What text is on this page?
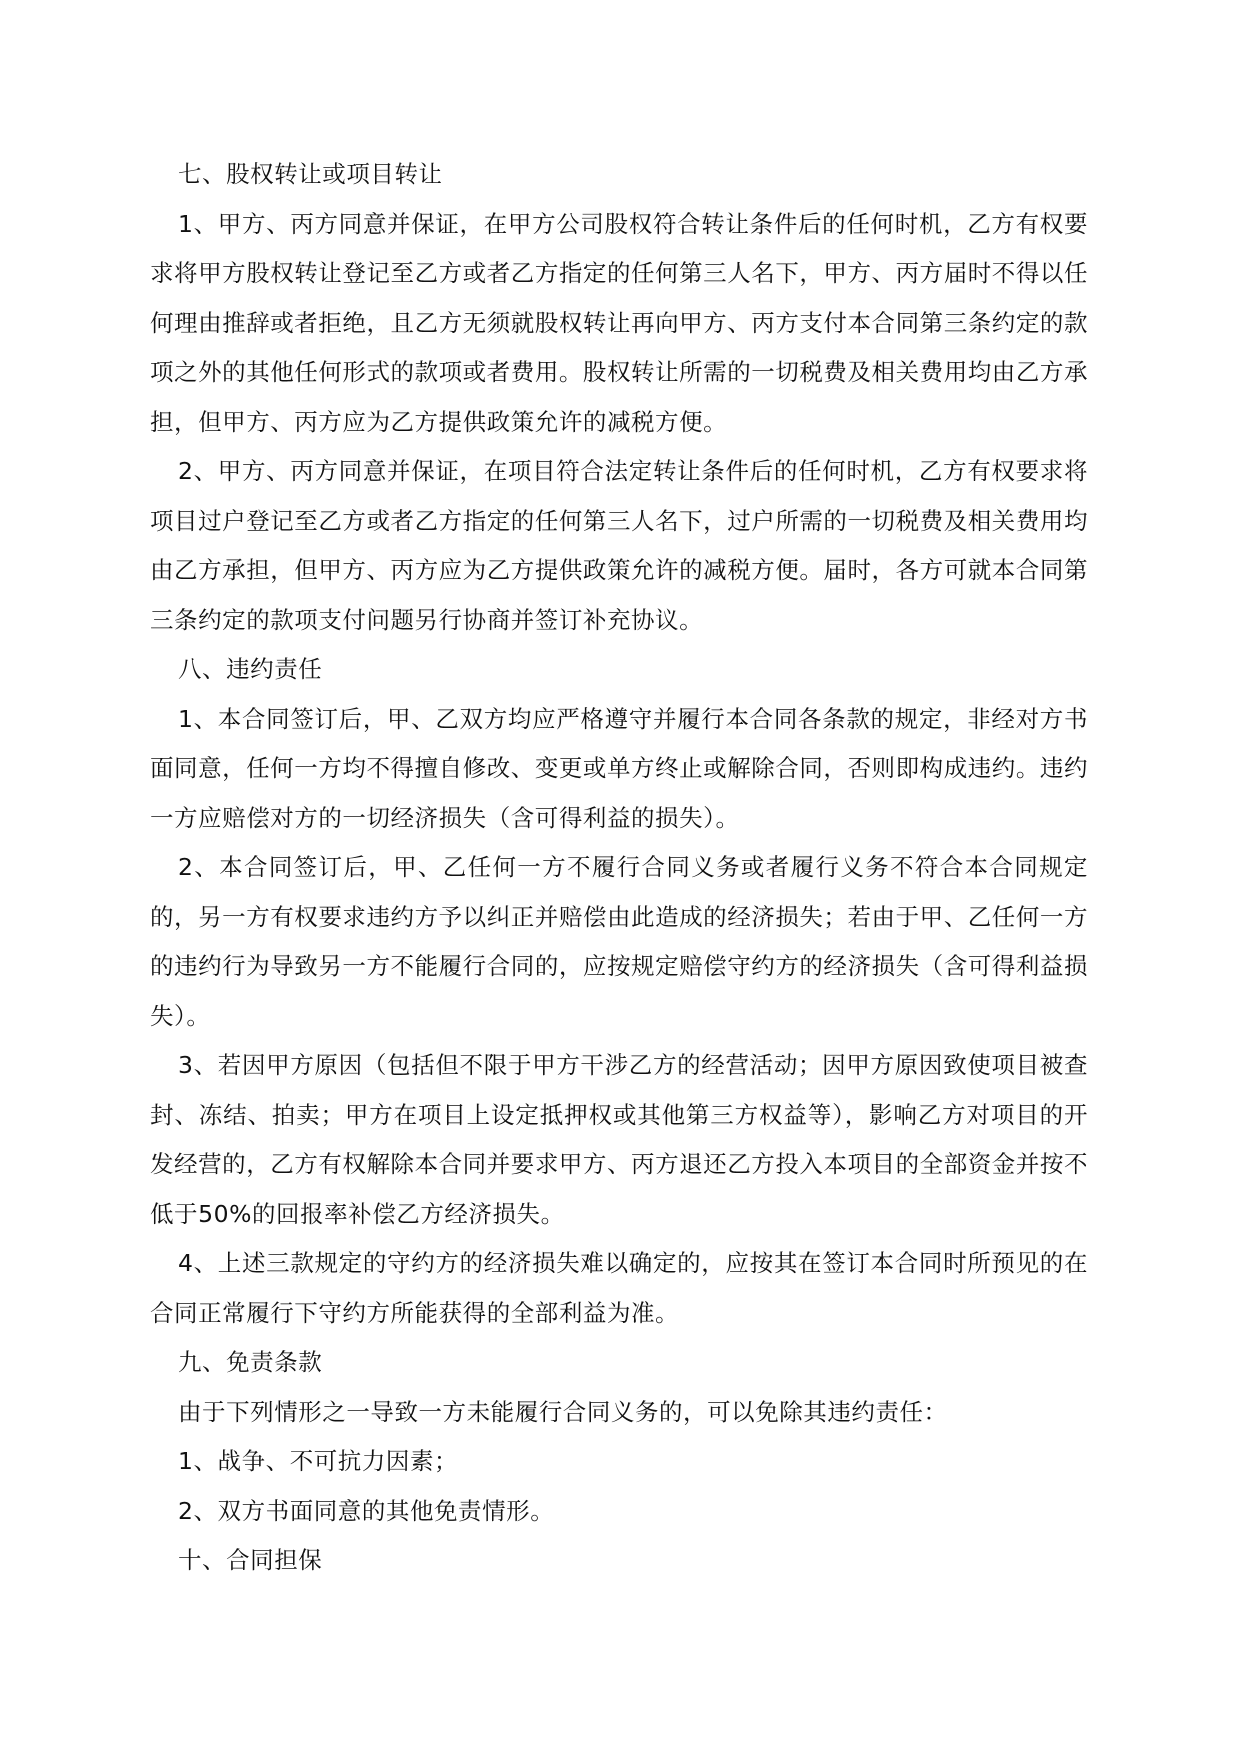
七、股权转让或项目转让

1、甲方、丙方同意并保证，在甲方公司股权符合转让条件后的任何时机，乙方有权要求将甲方股权转让登记至乙方或者乙方指定的任何第三人名下，甲方、丙方届时不得以任何理由推辞或者拒绝，且乙方无须就股权转让再向甲方、丙方支付本合同第三条约定的款项之外的其他任何形式的款项或者费用。股权转让所需的一切税费及相关费用均由乙方承担，但甲方、丙方应为乙方提供政策允许的减税方便。

2、甲方、丙方同意并保证，在项目符合法定转让条件后的任何时机，乙方有权要求将项目过户登记至乙方或者乙方指定的任何第三人名下，过户所需的一切税费及相关费用均由乙方承担，但甲方、丙方应为乙方提供政策允许的减税方便。届时，各方可就本合同第三条约定的款项支付问题另行协商并签订补充协议。

八、违约责任

1、本合同签订后，甲、乙双方均应严格遵守并履行本合同各条款的规定，非经对方书面同意，任何一方均不得擅自修改、变更或单方终止或解除合同，否则即构成违约。违约一方应赔偿对方的一切经济损失（含可得利益的损失）。

2、本合同签订后，甲、乙任何一方不履行合同义务或者履行义务不符合本合同规定的，另一方有权要求违约方予以纠正并赔偿由此造成的经济损失；若由于甲、乙任何一方的违约行为导致另一方不能履行合同的，应按规定赔偿守约方的经济损失（含可得利益损失）。

3、若因甲方原因（包括但不限于甲方干涉乙方的经营活动；因甲方原因致使项目被查封、冻结、拍卖；甲方在项目上设定抵押权或其他第三方权益等），影响乙方对项目的开发经营的，乙方有权解除本合同并要求甲方、丙方退还乙方投入本项目的全部资金并按不低于50%的回报率补偿乙方经济损失。

4、上述三款规定的守约方的经济损失难以确定的，应按其在签订本合同时所预见的在合同正常履行下守约方所能获得的全部利益为准。

九、免责条款

由于下列情形之一导致一方未能履行合同义务的，可以免除其违约责任：

1、战争、不可抗力因素；

2、双方书面同意的其他免责情形。

十、合同担保
